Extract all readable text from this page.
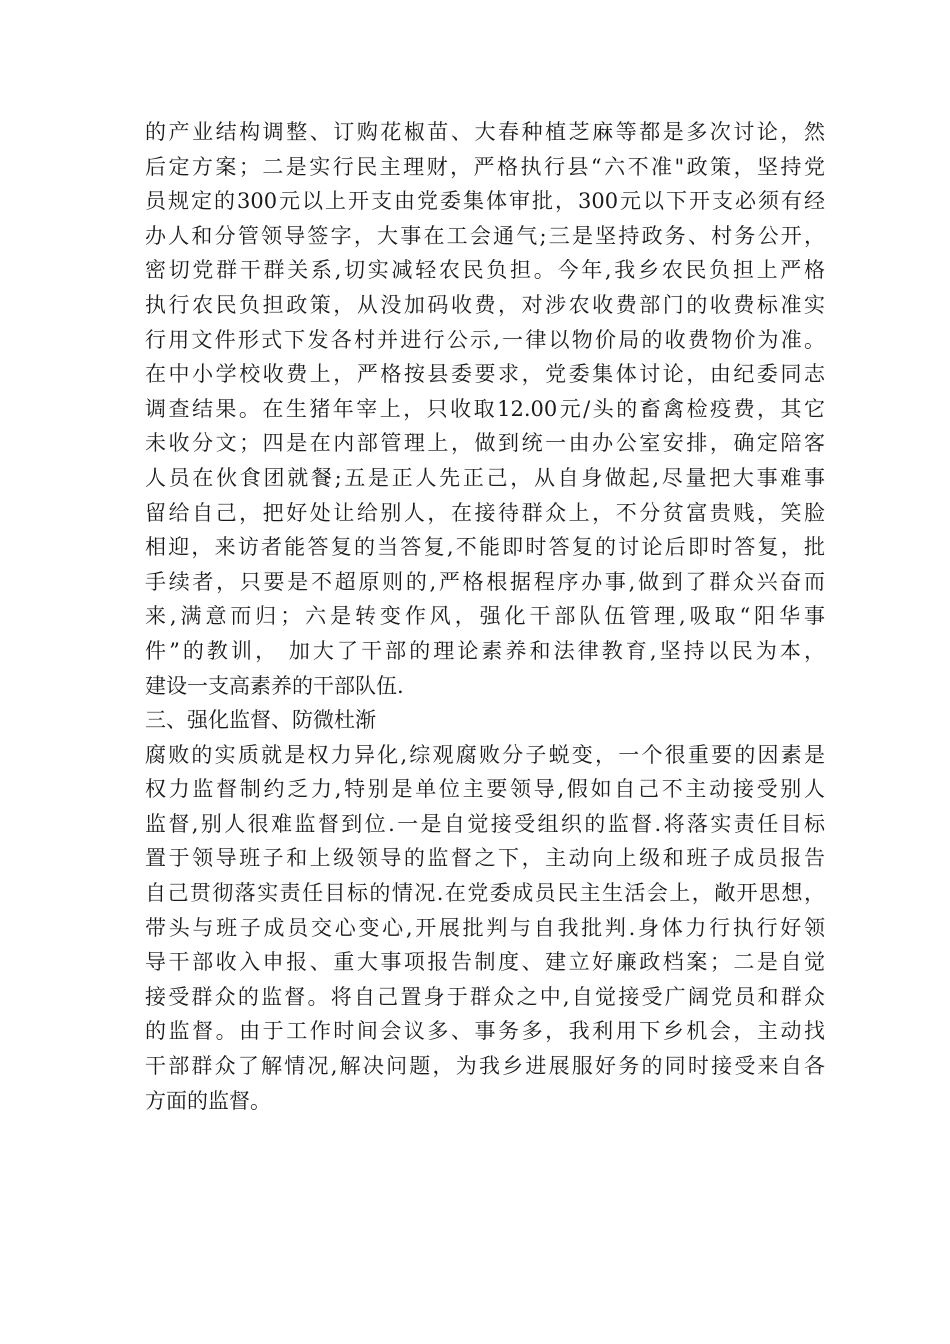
的产业结构调整、订购花椒苗、大春种植芝麻等都是多次讨论，然
后定方案；二是实行民主理财，严格执行县“六不准"政策，坚持党
员规定的300元以上开支由党委集体审批，300元以下开支必须有经
办人和分管领导签字，大事在工会通气;三是坚持政务、村务公开，
密切党群干群关系,切实减轻农民负担。今年,我乡农民负担上严格
执行农民负担政策，从没加码收费，对涉农收费部门的收费标准实
行用文件形式下发各村并进行公示,一律以物价局的收费物价为准。
在中小学校收费上，严格按县委要求，党委集体讨论，由纪委同志
调查结果。在生猪年宰上，只收取12.00元/头的畜禽检疫费，其它
未收分文；四是在内部管理上，做到统一由办公室安排，确定陪客
人员在伙食团就餐;五是正人先正己，从自身做起,尽量把大事难事
留给自己，把好处让给别人，在接待群众上，不分贫富贵贱，笑脸
相迎，来访者能答复的当答复,不能即时答复的讨论后即时答复，批
手续者，只要是不超原则的,严格根据程序办事,做到了群众兴奋而
来,满意而归；六是转变作风，强化干部队伍管理,吸取“阳华事
件”的教训， 加大了干部的理论素养和法律教育,坚持以民为本，
建设一支高素养的干部队伍.
三、强化监督、防微杜渐
腐败的实质就是权力异化,综观腐败分子蜕变，一个很重要的因素是
权力监督制约乏力,特别是单位主要领导,假如自己不主动接受别人
监督,别人很难监督到位.一是自觉接受组织的监督.将落实责任目标
置于领导班子和上级领导的监督之下，主动向上级和班子成员报告
自己贯彻落实责任目标的情况.在党委成员民主生活会上，敞开思想，
带头与班子成员交心变心,开展批判与自我批判.身体力行执行好领
导干部收入申报、重大事项报告制度、建立好廉政档案；二是自觉
接受群众的监督。将自己置身于群众之中,自觉接受广阔党员和群众
的监督。由于工作时间会议多、事务多，我利用下乡机会，主动找
干部群众了解情况,解决问题，为我乡进展服好务的同时接受来自各
方面的监督。
